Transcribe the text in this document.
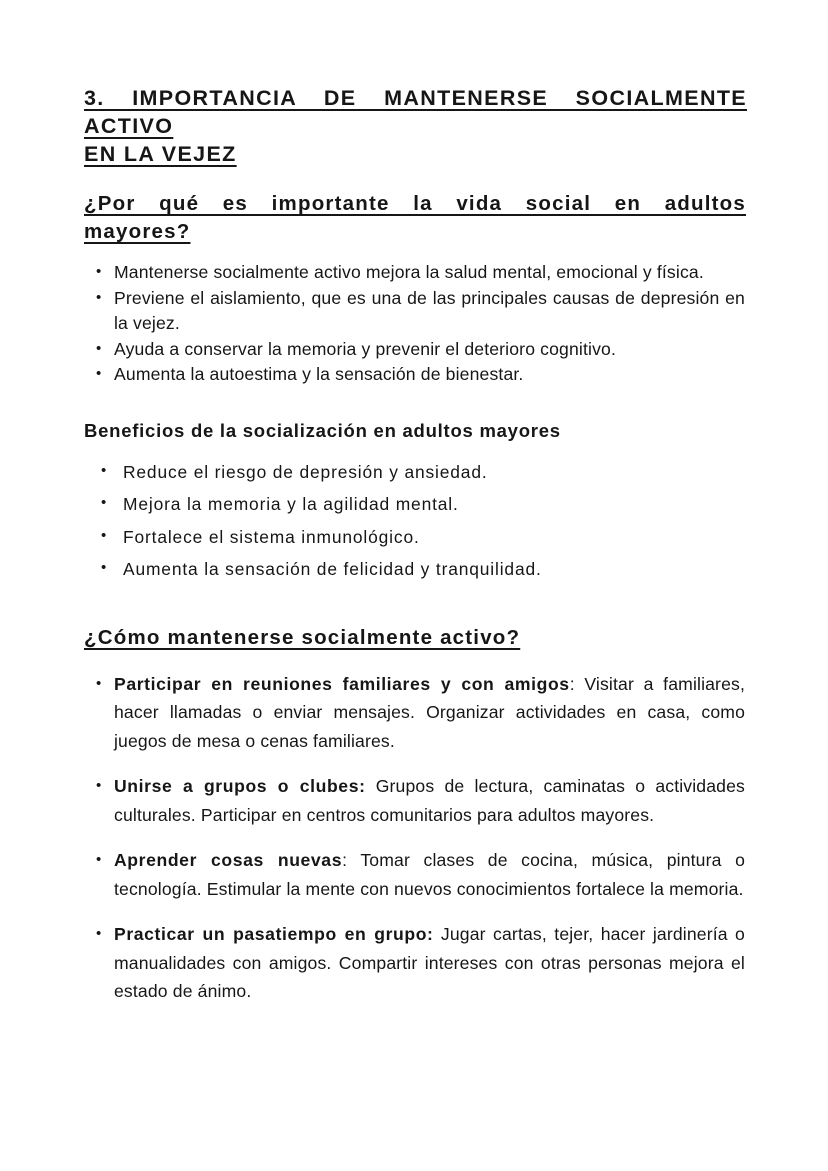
3. IMPORTANCIA DE MANTENERSE SOCIALMENTE ACTIVO
EN LA VEJEZ
¿Por qué es importante la vida social en adultos
mayores?
• Mantenerse socialmente activo mejora la salud mental, emocional y física.
• Previene el aislamiento, que es una de las principales causas de depresión en la vejez.
• Ayuda a conservar la memoria y prevenir el deterioro cognitivo.
• Aumenta la autoestima y la sensación de bienestar.
Beneficios de la socialización en adultos mayores
• Reduce el riesgo de depresión y ansiedad.
• Mejora la memoria y la agilidad mental.
• Fortalece el sistema inmunológico.
• Aumenta la sensación de felicidad y tranquilidad.
¿Cómo mantenerse socialmente activo?
• Participar en reuniones familiares y con amigos: Visitar a familiares, hacer llamadas o enviar mensajes. Organizar actividades en casa, como juegos de mesa o cenas familiares.
• Unirse a grupos o clubes: Grupos de lectura, caminatas o actividades culturales. Participar en centros comunitarios para adultos mayores.
• Aprender cosas nuevas: Tomar clases de cocina, música, pintura o tecnología. Estimular la mente con nuevos conocimientos fortalece la memoria.
• Practicar un pasatiempo en grupo: Jugar cartas, tejer, hacer jardinería o manualidades con amigos. Compartir intereses con otras personas mejora el estado de ánimo.
